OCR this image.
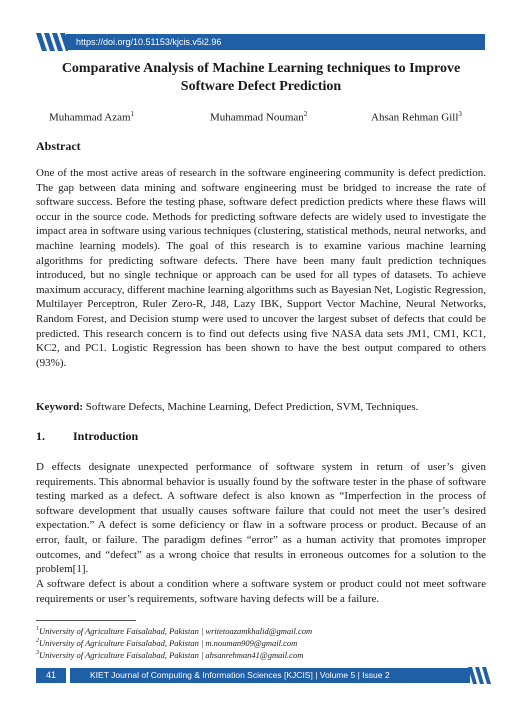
https://doi.org/10.51153/kjcis.v5i2.96
Comparative Analysis of Machine Learning techniques to Improve
Software Defect Prediction
Muhammad Azam$^1$	Muhammad Nouman$^2$	Ahsan Rehman Gill$^3$
Abstract

One of the most active areas of research in the software engineering community is defect prediction. The gap between data mining and software engineering must be bridged to increase the rate of software success. Before the testing phase, software defect prediction predicts where these flaws will occur in the source code. Methods for predicting software defects are widely used to investigate the impact area in software using various techniques (clustering, statistical methods, neural networks, and machine learning models). The goal of this research is to examine various machine learning algorithms for predicting software defects. There have been many fault prediction techniques introduced, but no single technique or approach can be used for all types of datasets. To achieve maximum accuracy, different machine learning algorithms such as Bayesian Net, Logistic Regression, Multilayer Perceptron, Ruler Zero-R, J48, Lazy IBK, Support Vector Machine, Neural Networks, Random Forest, and Decision stump were used to uncover the largest subset of defects that could be predicted. This research concern is to find out defects using five NASA data sets JM1, CM1, KC1, KC2, and PC1. Logistic Regression has been shown to have the best output compared to others (93%).

Keyword: Software Defects, Machine Learning, Defect Prediction, SVM, Techniques.
1. Introduction

D effects designate unexpected performance of software system in return of user’s given requirements. This abnormal behavior is usually found by the software tester in the phase of software testing marked as a defect. A software defect is also known as “Imperfection in the process of software development that usually causes software failure that could not meet the user’s desired expectation.” A defect is some deficiency or flaw in a software process or product. Because of an error, fault, or failure. The paradigm defines “error” as a human activity that promotes improper outcomes, and “defect” as a wrong choice that results in erroneous outcomes for a solution to the problem[1].

A software defect is about a condition where a software system or product could not meet software requirements or user’s requirements, software having defects will be a failure.

$^1$University of Agriculture Faisalabad, Pakistan | writetoazamkhalid@gmail.com
$^2$University of Agriculture Faisalabad, Pakistan | m.nouman909@gmail.com
$^3$University of Agriculture Faisalabad, Pakistan | ahsanrehman41@gmail.com
41	KIET Journal of Computing & Information Sciences [KJCIS] | Volume 5 | Issue 2
